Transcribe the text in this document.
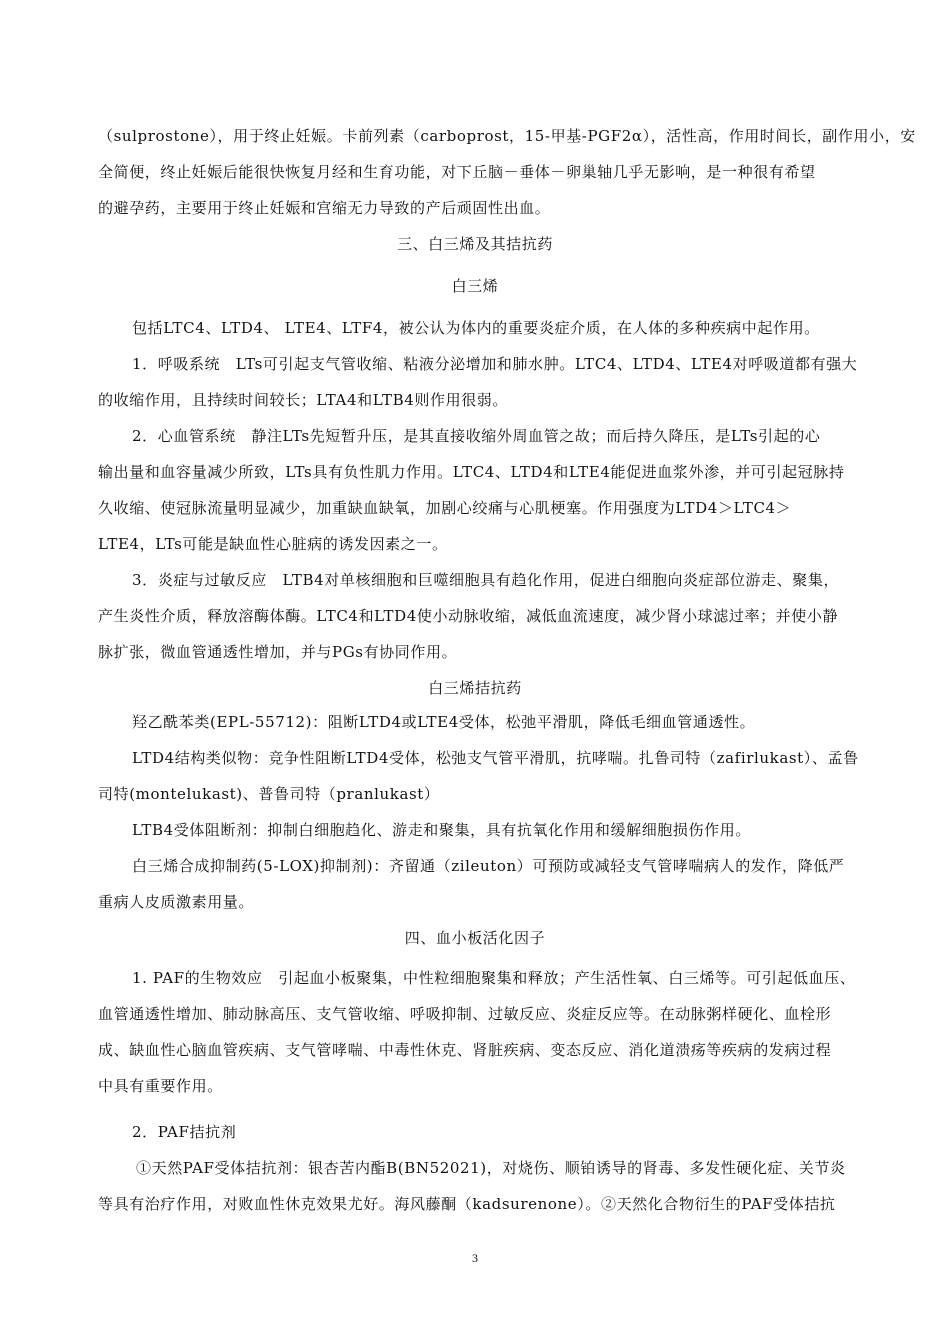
（sulprostone），用于终止妊娠。卡前列素（carboprost，15-甲基-PGF2α），活性高，作用时间长，副作用小，安
全简便，终止妊娠后能很快恢复月经和生育功能，对下丘脑－垂体－卵巢轴几乎无影响，是一种很有希望
的避孕药，主要用于终止妊娠和宫缩无力导致的产后顽固性出血。
三、白三烯及其拮抗药
白三烯
包括LTC4、LTD4、 LTE4、LTF4，被公认为体内的重要炎症介质，在人体的多种疾病中起作用。
1．呼吸系统　LTs可引起支气管收缩、粘液分泌增加和肺水肿。LTC4、LTD4、LTE4对呼吸道都有强大
的收缩作用，且持续时间较长；LTA4和LTB4则作用很弱。
2．心血管系统　静注LTs先短暂升压，是其直接收缩外周血管之故；而后持久降压，是LTs引起的心
输出量和血容量减少所致，LTs具有负性肌力作用。LTC4、LTD4和LTE4能促进血浆外渗，并可引起冠脉持
久收缩、使冠脉流量明显减少，加重缺血缺氧，加剧心绞痛与心肌梗塞。作用强度为LTD4＞LTC4＞
LTE4，LTs可能是缺血性心脏病的诱发因素之一。
3．炎症与过敏反应　LTB4对单核细胞和巨噬细胞具有趋化作用，促进白细胞向炎症部位游走、聚集，
产生炎性介质，释放溶酶体酶。LTC4和LTD4使小动脉收缩，减低血流速度，减少肾小球滤过率；并使小静
脉扩张，微血管通透性增加，并与PGs有协同作用。
白三烯拮抗药
羟乙酰苯类(EPL-55712)：阻断LTD4或LTE4受体，松弛平滑肌，降低毛细血管通透性。
LTD4结构类似物：竞争性阻断LTD4受体，松弛支气管平滑肌，抗哮喘。扎鲁司特（zafirlukast）、孟鲁
司特(montelukast)、普鲁司特（pranlukast）
LTB4受体阻断剂：抑制白细胞趋化、游走和聚集，具有抗氧化作用和缓解细胞损伤作用。
白三烯合成抑制药(5-LOX)抑制剂)：齐留通（zileuton）可预防或减轻支气管哮喘病人的发作，降低严
重病人皮质激素用量。
四、血小板活化因子
1. PAF的生物效应　引起血小板聚集，中性粒细胞聚集和释放；产生活性氧、白三烯等。可引起低血压、
血管通透性增加、肺动脉高压、支气管收缩、呼吸抑制、过敏反应、炎症反应等。在动脉粥样硬化、血栓形
成、缺血性心脑血管疾病、支气管哮喘、中毒性休克、肾脏疾病、变态反应、消化道溃疡等疾病的发病过程
中具有重要作用。
2．PAF拮抗剂
①天然PAF受体拮抗剂：银杏苦内酯B(BN52021)，对烧伤、顺铂诱导的肾毒、多发性硬化症、关节炎
等具有治疗作用，对败血性休克效果尤好。海风藤酮（kadsurenone）。②天然化合物衍生的PAF受体拮抗
3
